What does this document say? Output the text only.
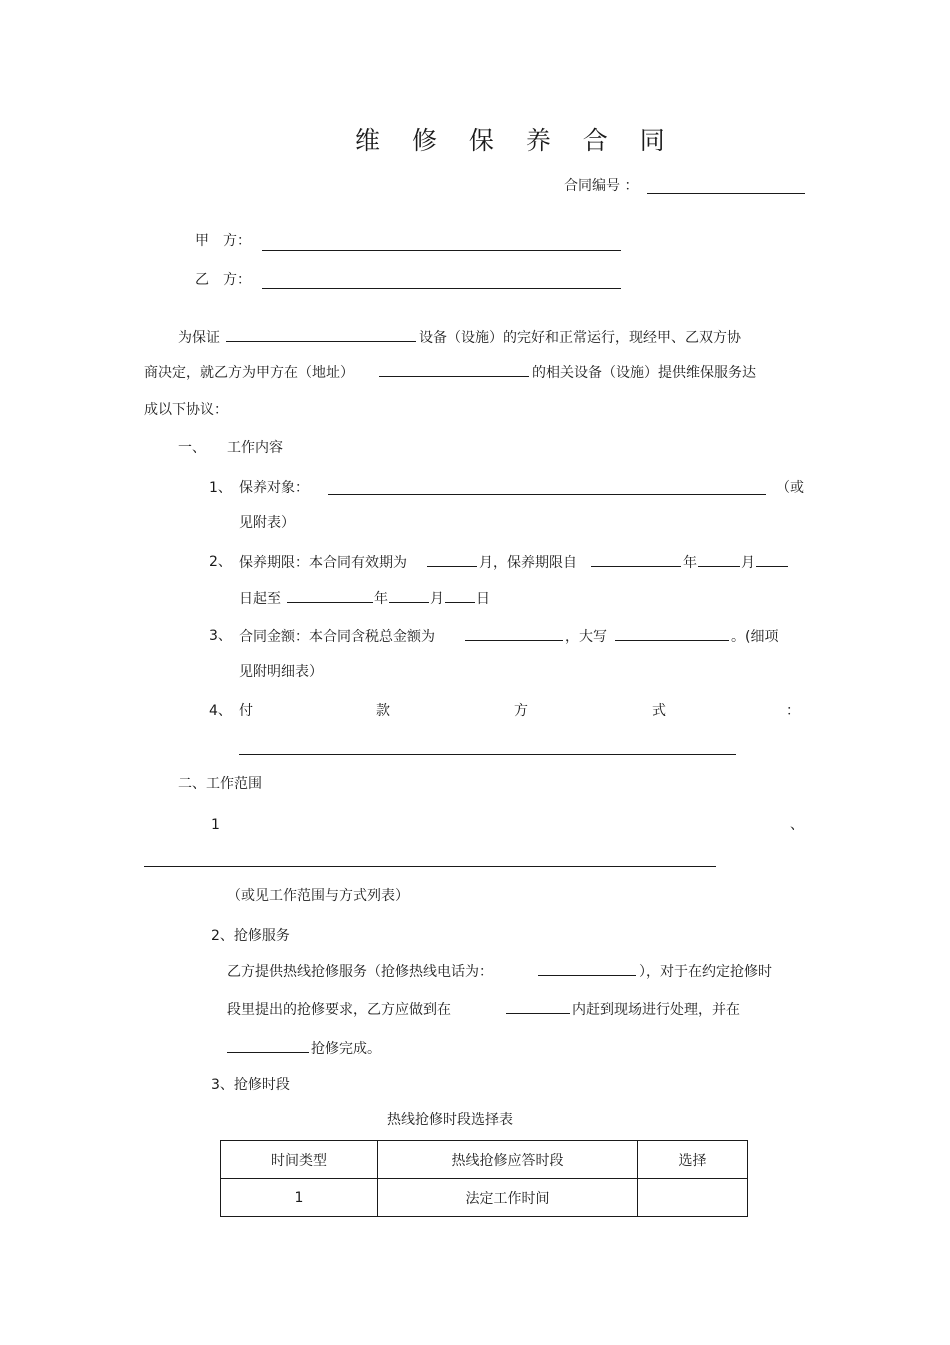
维 修 保 养 合 同
合同编号 ：
甲　方：
乙　方：
为保证	设备（设施）的完好和正常运行，现经甲、乙双方协
商决定，就乙方为甲方在（地址）	的相关设备（设施）提供维保服务达
成以下协议：
一、 工作内容
1、 保养对象：	（或
见附表）
2、 保养期限：本合同有效期为	月，保养期限自	年	月
日起至	年	月 日
3、 合同金额：本合同含税总金额为	，大写	。(细项
见附明细表）
4、 付	款	方	式	：
二、工作范围
1	、
（或见工作范围与方式列表）
2、抢修服务
乙方提供热线抢修服务（抢修热线电话为：	），对于在约定抢修时
段里提出的抢修要求，乙方应做到在	内赶到现场进行处理，并在
抢修完成。
3、抢修时段
热线抢修时段选择表
时间类型	热线抢修应答时段	选择
1	法定工作时间	
